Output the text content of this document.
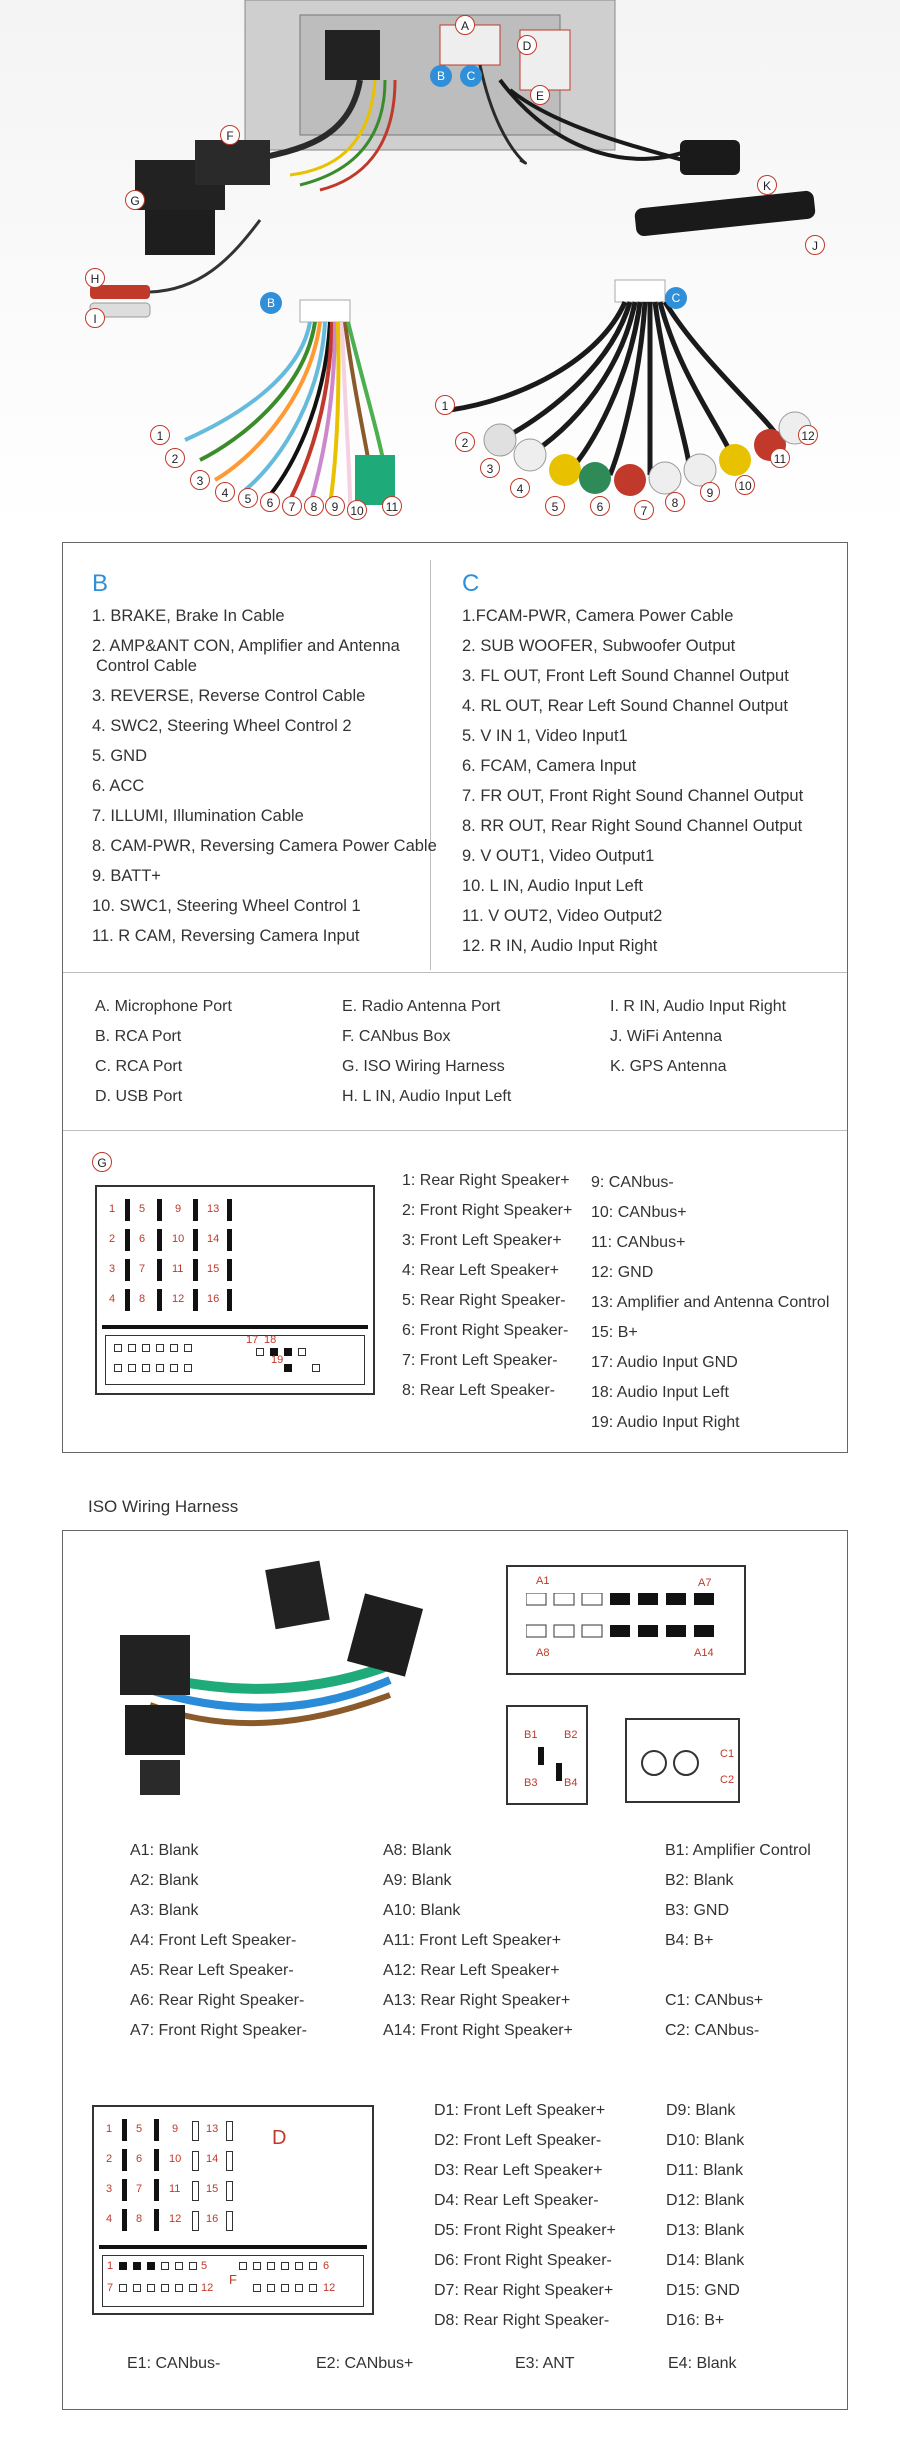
A
D
E
F
G
H
I
K
J
B	C
B	C
1
2
3
4	5	6	7	8	9 10	11
1
2
3
4
5	6	7
8
9	10
11
12
B
1. BRAKE, Brake In Cable
2. AMP&ANT CON, Amplifier and Antenna
Control Cable
3. REVERSE, Reverse Control Cable
4. SWC2, Steering Wheel Control 2
5. GND
6. ACC
7. ILLUMI, Illumination Cable
8. CAM-PWR, Reversing Camera Power Cable
9. BATT+
10. SWC1, Steering Wheel Control 1
11. R CAM, Reversing Camera Input
C
1.FCAM-PWR, Camera Power Cable
2. SUB WOOFER, Subwoofer Output
3. FL OUT, Front Left Sound Channel Output
4. RL OUT, Rear Left Sound Channel Output
5. V IN 1, Video Input1
6. FCAM, Camera Input
7. FR OUT, Front Right Sound Channel Output
8. RR OUT, Rear Right Sound Channel Output
9. V OUT1, Video Output1
10. L IN, Audio Input Left
11. V OUT2, Video Output2
12. R IN, Audio Input Right
A. Microphone Port
B. RCA Port
C. RCA Port
D. USB Port
E. Radio Antenna Port
F. CANbus Box
G. ISO Wiring Harness
H. L IN, Audio Input Left
I. R IN, Audio Input Right
J. WiFi Antenna
K. GPS Antenna
G
1
2
3
4
5
6
7
8
9
10
11
12
13
14
15
16
17 18
19
1: Rear Right Speaker+
2: Front Right Speaker+
3: Front Left Speaker+
4: Rear Left Speaker+
5: Rear Right Speaker-
6: Front Right Speaker-
7: Front Left Speaker-
8: Rear Left Speaker-
9: CANbus-
10: CANbus+
11: CANbus+
12: GND
13: Amplifier and Antenna Control
15: B+
17: Audio Input GND
18: Audio Input Left
19: Audio Input Right
ISO Wiring Harness
A1	A7
A8	A14
B1 B2
B3 B4
C1
C2
A1: Blank
A2: Blank
A3: Blank
A4: Front Left Speaker-
A5: Rear Left Speaker-
A6: Rear Right Speaker-
A7: Front Right Speaker-
A8: Blank
A9: Blank
A10: Blank
A11: Front Left Speaker+
A12: Rear Left Speaker+
A13: Rear Right Speaker+
A14: Front Right Speaker+
B1: Amplifier Control
B2: Blank
B3: GND
B4: B+
C1: CANbus+
C2: CANbus-
1
2
3
4
5
6
7
8
9
10
11
12
13
14
15
16
D
1	5	6
7	12
F
12
D1: Front Left Speaker+
D2: Front Left Speaker-
D3: Rear Left Speaker+
D4: Rear Left Speaker-
D5: Front Right Speaker+
D6: Front Right Speaker-
D7: Rear Right Speaker+
D8: Rear Right Speaker-
D9: Blank
D10: Blank
D11: Blank
D12: Blank
D13: Blank
D14: Blank
D15: GND
D16: B+
E1: CANbus-	E2: CANbus+	E3: ANT	E4: Blank
